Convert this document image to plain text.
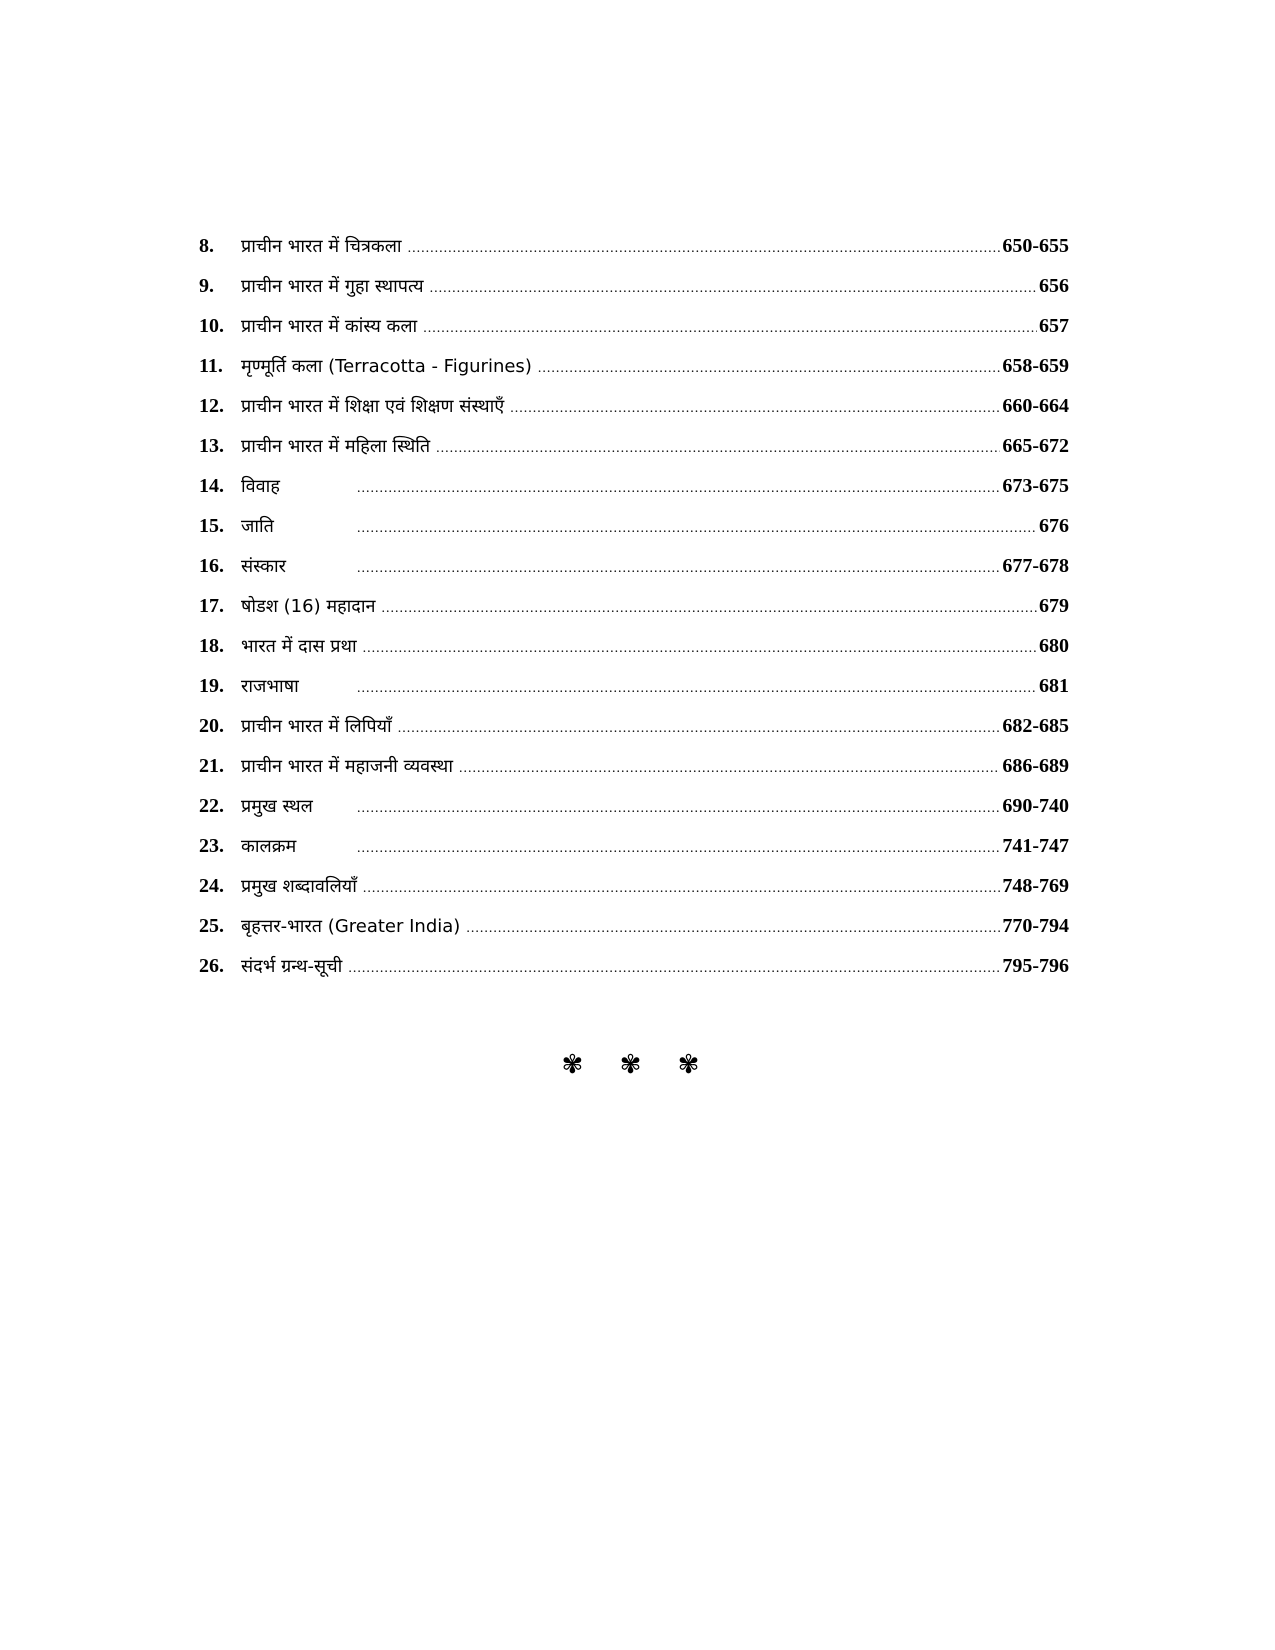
8.	प्राचीन भारत में चित्रकला .....	650-655
9.	प्राचीन भारत में गुहा स्थापत्य .....	656
10. प्राचीन भारत में कांस्य कला .....	657
11.	मृण्मूर्ति कला (Terracotta - Figurines) .....	658-659
12. प्राचीन भारत में शिक्षा एवं शिक्षण संस्थाएँ .....	660-664
13. प्राचीन भारत में महिला स्थिति .....	665-672
14. विवाह .....	673-675
15. जाति .....	676
16. संस्कार .....	677-678
17. षोडश (16) महादान .....	679
18. भारत में दास प्रथा .....	680
19. राजभाषा .....	681
20. प्राचीन भारत में लिपियाँ .....	682-685
21. प्राचीन भारत में महाजनी व्यवस्था .....	686-689
22. प्रमुख स्थल .....	690-740
23. कालक्रम .....	741-747
24. प्रमुख शब्दावलियाँ .....	748-769
25. बृहत्तर-भारत (Greater India) .....	770-794
26. संदर्भ ग्रन्थ-सूची .....	795-796
✾ ✾ ✾
